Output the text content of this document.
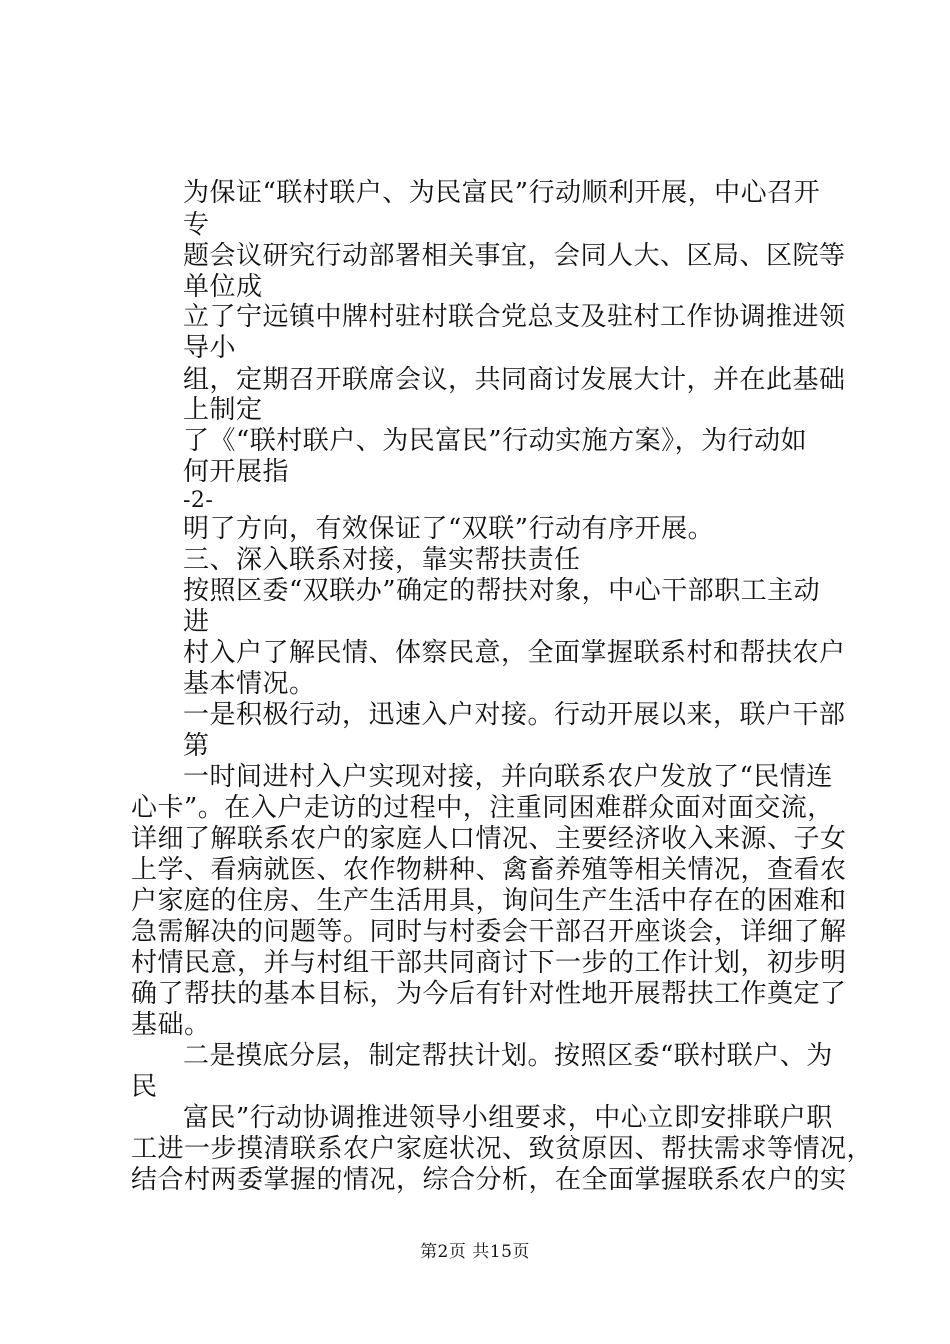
为保证“联村联户、为民富民”行动顺利开展，中心召开
专
题会议研究行动部署相关事宜，会同人大、区局、区院等
单位成
立了宁远镇中牌村驻村联合党总支及驻村工作协调推进领
导小
组，定期召开联席会议，共同商讨发展大计，并在此基础
上制定
了《“联村联户、为民富民”行动实施方案》，为行动如
何开展指
-2-
明了方向，有效保证了“双联”行动有序开展。
三、深入联系对接，靠实帮扶责任
按照区委“双联办”确定的帮扶对象，中心干部职工主动
进
村入户了解民情、体察民意，全面掌握联系村和帮扶农户
基本情况。
一是积极行动，迅速入户对接。行动开展以来，联户干部
第
一时间进村入户实现对接，并向联系农户发放了“民情连
心卡”。在入户走访的过程中，注重同困难群众面对面交流，
详细了解联系农户的家庭人口情况、主要经济收入来源、子女
上学、看病就医、农作物耕种、禽畜养殖等相关情况，查看农
户家庭的住房、生产生活用具，询问生产生活中存在的困难和
急需解决的问题等。同时与村委会干部召开座谈会，详细了解
村情民意，并与村组干部共同商讨下一步的工作计划，初步明
确了帮扶的基本目标，为今后有针对性地开展帮扶工作奠定了
基础。
二是摸底分层，制定帮扶计划。按照区委“联村联户、为
民
富民”行动协调推进领导小组要求，中心立即安排联户职
工进一步摸清联系农户家庭状况、致贫原因、帮扶需求等情况，
结合村两委掌握的情况，综合分析，在全面掌握联系农户的实
第2页 共15页
